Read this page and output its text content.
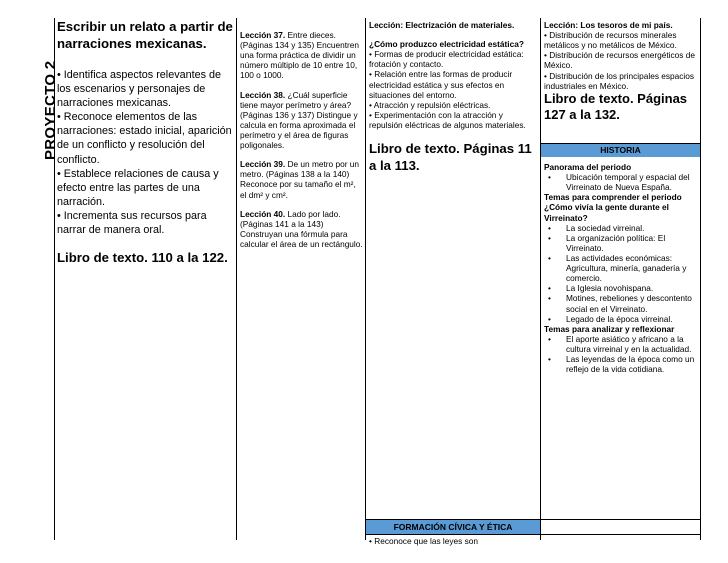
PROYECTO 2
Escribir un relato a partir de narraciones mexicanas.

• Identifica aspectos relevantes de los escenarios y personajes de narraciones mexicanas.

• Reconoce elementos de las narraciones: estado inicial, aparición de un conflicto y resolución del conflicto.

• Establece relaciones de causa y efecto entre las partes de una narración.

• Incrementa sus recursos para narrar de manera oral.

Libro de texto. 110 a la 122.

Lección 37. Entre dieces. (Páginas 134 y 135) Encuentren una forma práctica de dividir un número múltiplo de 10 entre 10, 100 o 1000.

Lección 38. ¿Cuál superficie tiene mayor perímetro y área? (Páginas 136 y 137) Distingue y calcula en forma aproximada el perímetro y el área de figuras poligonales.

Lección 39. De un metro por un metro. (Páginas 138 a la 140) Reconoce por su tamaño el m², el dm² y cm².

Lección 40. Lado por lado. (Páginas 141 a la 143) Construyan una fórmula para calcular el área de un rectángulo.

Lección: Electrización de materiales.

¿Cómo produzco electricidad estática?

• Formas de producir electricidad estática: frotación y contacto.

• Relación entre las formas de producir electricidad estática y sus efectos en situaciones del entorno.

• Atracción y repulsión eléctricas.

• Experimentación con la atracción y repulsión eléctricas de algunos materiales.

Libro de texto. Páginas 11 a la 113.
FORMACIÓN CÍVICA Y ÉTICA

• Reconoce que las leyes son

Lección: Los tesoros de mi país.

• Distribución de recursos minerales metálicos y no metálicos de México.

• Distribución de recursos energéticos de México.

• Distribución de los principales espacios industriales en México.

Libro de texto. Páginas 127 a la 132.
HISTORIA

Panorama del periodo

• Ubicación temporal y espacial del Virreinato de Nueva España.

Temas para comprender el periodo

¿Cómo vivía la gente durante el Virreinato?

• La sociedad virreinal.
• La organización política: El Virreinato.
• Las actividades económicas: Agricultura, minería, ganadería y comercio.
• La Iglesia novohispana.
• Motines, rebeliones y descontento social en el Virreinato.
• Legado de la época virreinal.

Temas para analizar y reflexionar

• El aporte asiático y africano a la cultura virreinal y en la actualidad.
• Las leyendas de la época como un reflejo de la vida cotidiana.
